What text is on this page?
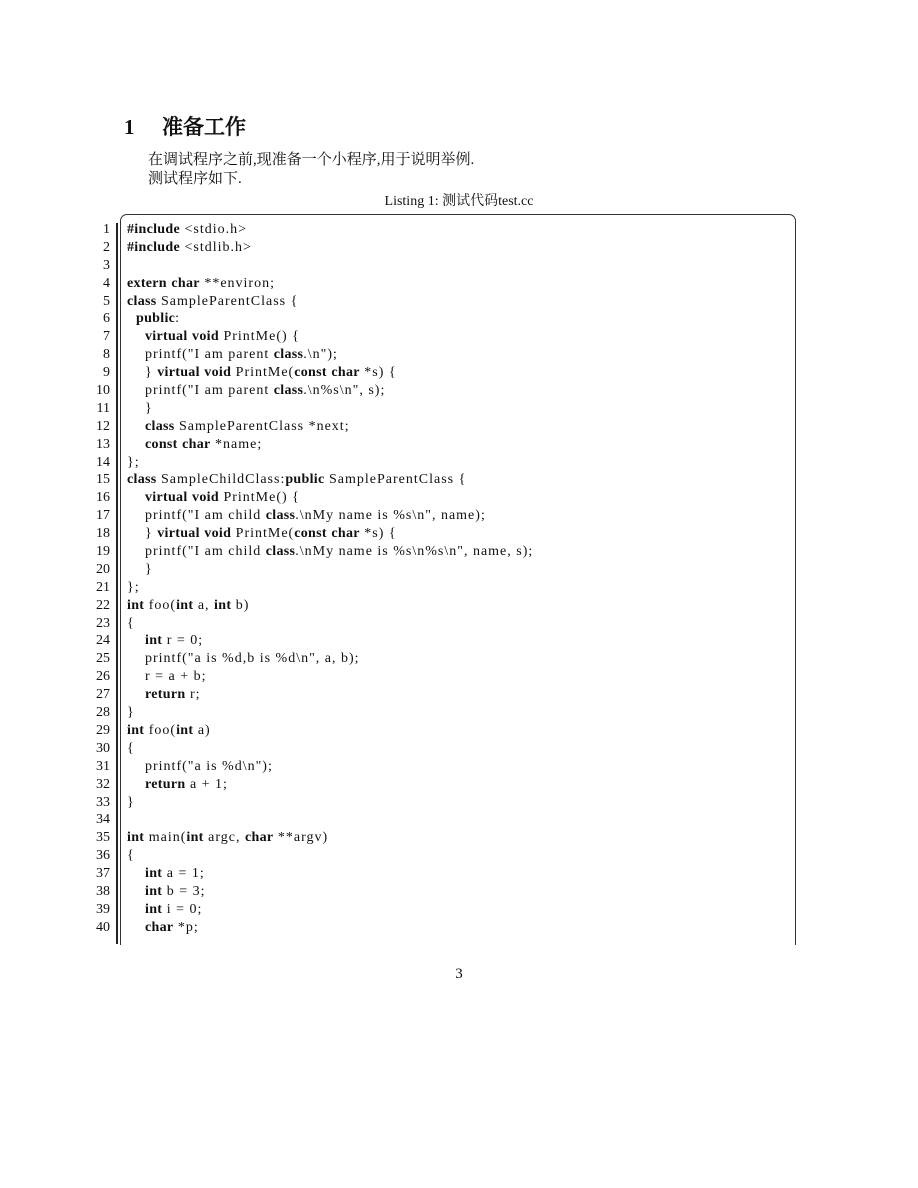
1 准备工作
在调试程序之前,现准备一个小程序,用于说明举例.
测试程序如下.
Listing 1: 测试代码test.cc
1 #include <stdio.h>
2 #include <stdlib.h>
3
4 extern char **environ;
5 class SampleParentClass {
6	public:
7	virtual void PrintMe() {
8 printf("I am parent class.\n");
9 } virtual void PrintMe(const char *s) {
10 printf("I am parent class.\n%s\n", s);
11 }
12	class SampleParentClass *next;
13	const char *name;
14 };
15 class SampleChildClass:public SampleParentClass {
16	virtual void PrintMe() {
17 printf("I am child class.\nMy name is %s\n", name);
18 } virtual void PrintMe(const char *s) {
19 printf("I am child class.\nMy name is %s\n%s\n", name, s);
20 }
21 };
22 int foo(int a, int b)
23 {
24	int r = 0;
25 printf("a is %d,b is %d\n", a, b);
26 r = a + b;
27	return r;
28 }
29 int foo(int a)
30 {
31 printf("a is %d\n");
32	return a + 1;
33 }
34
35 int main(int argc, char **argv)
36 {
37	int a = 1;
38	int b = 3;
39	int i = 0;
40	char *p;
3
